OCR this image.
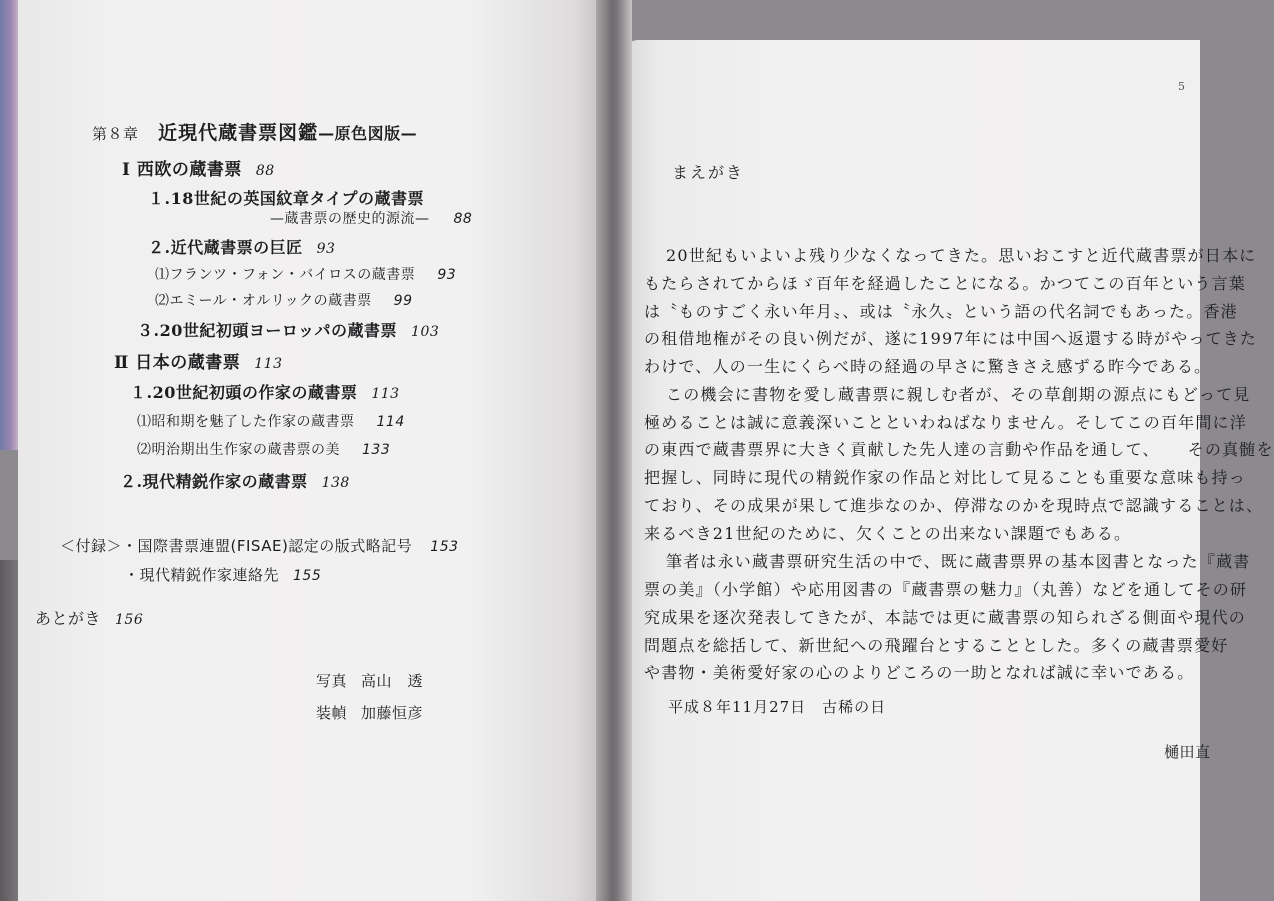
第８章 近現代蔵書票図鑑—原色図版—
Ⅰ 西欧の蔵書票 88
１.18世紀の英国紋章タイプの蔵書票
—蔵書票の歴史的源流— 88
２.近代蔵書票の巨匠 93
⑴フランツ・フォン・バイロスの蔵書票 93
⑵エミール・オルリックの蔵書票 99
３.20世紀初頭ヨーロッパの蔵書票 103
Ⅱ 日本の蔵書票 113
１.20世紀初頭の作家の蔵書票 113
⑴昭和期を魅了した作家の蔵書票 114
⑵明治期出生作家の蔵書票の美 133
２.現代精鋭作家の蔵書票 138
＜付録＞・国際書票連盟(FISAE)認定の版式略記号 153
・現代精鋭作家連絡先 155
あとがき 156
写真 高山　透
装幀 加藤恒彦
5
まえがき
20世紀もいよいよ残り少なくなってきた。思いおこすと近代蔵書票が日本に
もたらされてからほゞ百年を経過したことになる。かつてこの百年という言葉
は〝ものすごく永い年月〟、或は〝永久〟という語の代名詞でもあった。香港
の租借地権がその良い例だが、遂に1997年には中国へ返還する時がやってきた
わけで、人の一生にくらべ時の経過の早さに驚きさえ感ずる昨今である。
この機会に書物を愛し蔵書票に親しむ者が、その草創期の源点にもどって見
極めることは誠に意義深いことといわねばなりません。そしてこの百年間に洋
の東西で蔵書票界に大きく貢献した先人達の言動や作品を通して、 その真髄を
把握し、同時に現代の精鋭作家の作品と対比して見ることも重要な意味も持っ
ており、その成果が果して進歩なのか、停滞なのかを現時点で認識することは、
来るべき21世紀のために、欠くことの出来ない課題でもある。
筆者は永い蔵書票研究生活の中で、既に蔵書票界の基本図書となった『蔵書
票の美』（小学館）や応用図書の『蔵書票の魅力』（丸善）などを通してその研
究成果を逐次発表してきたが、本誌では更に蔵書票の知られざる側面や現代の
問題点を総括して、新世紀への飛躍台とすることとした。多くの蔵書票愛好
や書物・美術愛好家の心のよりどころの一助となれば誠に幸いである。
平成８年11月27日　古稀の日
樋田直
